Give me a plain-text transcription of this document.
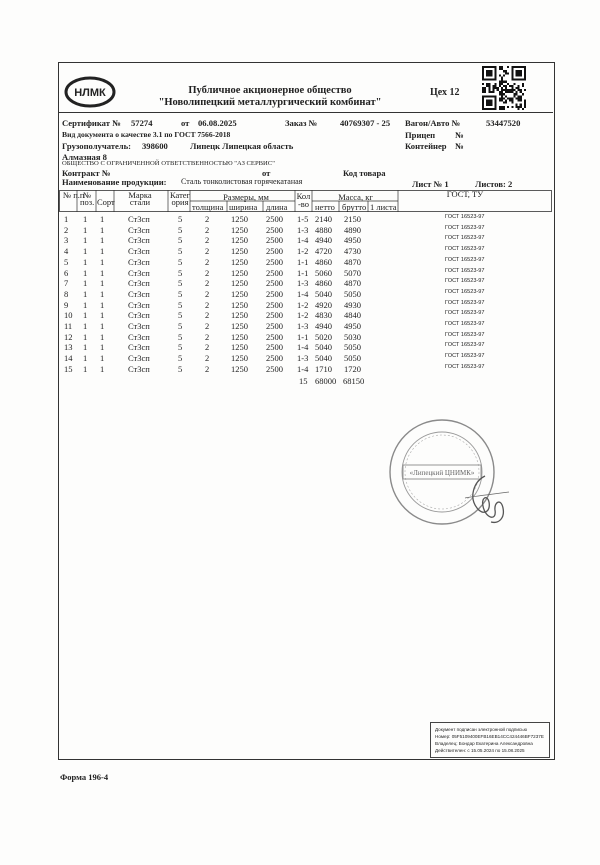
НЛМК	Публичное акционерное общество
"Новолипецкий металлургический комбинат"
Цех 12
Сертификат № 57274	от 06.08.2025	Заказ №	40769307 - 25 Вагон/Авто №	53447520
Вид документа о качестве 3.1 по ГОСТ 7566-2018	Прицеп №
Грузополучатель: 398600	Липецк Липецкая область	Контейнер №
Алмазная 8
ОБЩЕСТВО С ОГРАНИЧЕННОЙ ОТВЕТСТВЕННОСТЬЮ "АЗ СЕРВИС"
Контракт №	от	Код товара
Наименование продукции: Сталь тонколистовая горячекатаная	Лист № 1	Листов: 2
№ п.п
№ поз. Сорт
Марка стали
Категория	Размеры, мм
толщина ширина длина
Кол-во
Масса, кг
нетто брутто 1 листа
ГОСТ, ТУ
1 1 1	Ст3сп	5	2	1250 2500 1-5 2140 2150	ГОСТ 16523-97
2 1 1	Ст3сп	5	2	1250 2500 1-3 4880 4890	ГОСТ 16523-97
3 1 1	Ст3сп	5	2	1250 2500 1-4 4940 4950	ГОСТ 16523-97
4 1 1	Ст3сп	5	2	1250 2500 1-2 4720 4730	ГОСТ 16523-97
5 1 1	Ст3сп	5	2	1250 2500 1-1 4860 4870	ГОСТ 16523-97
6 1 1	Ст3сп	5	2	1250 2500 1-1 5060 5070	ГОСТ 16523-97
7 1 1	Ст3сп	5	2	1250 2500 1-3 4860 4870	ГОСТ 16523-97
8 1 1	Ст3сп	5	2	1250 2500 1-4 5040 5050	ГОСТ 16523-97
9 1 1	Ст3сп	5	2	1250 2500 1-2 4920 4930	ГОСТ 16523-97
10 1 1	Ст3сп	5	2	1250 2500 1-2 4830 4840	ГОСТ 16523-97
11 1 1	Ст3сп	5	2	1250 2500 1-3 4940 4950	ГОСТ 16523-97
12 1 1	Ст3сп	5	2	1250 2500 1-1 5020 5030	ГОСТ 16523-97
13 1 1	Ст3сп	5	2	1250 2500 1-4 5040 5050	ГОСТ 16523-97
14 1 1	Ст3сп	5	2	1250 2500 1-3 5040 5050	ГОСТ 16523-97
15 1 1	Ст3сп	5	2	1250 2500 1-4 1710 1720	ГОСТ 16523-97
15 68000 68150
«Липецкий ЦНИМК»
Документ подписан электронной подписью
Номер: 05F5109400EFB16EB14CC424446BF7237E
Владелец: Бондар Екатерина Александровна
Действителен: с 15.05.2024 по 15.08.2025
Форма 196-4
